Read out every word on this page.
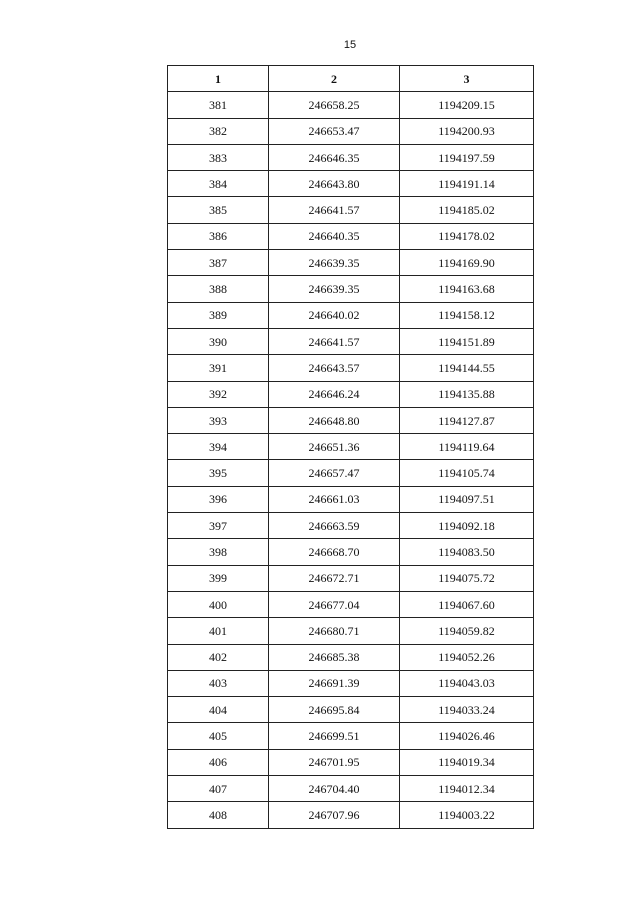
15
1	2	3
381	246658.25	1194209.15
382	246653.47	1194200.93
383	246646.35	1194197.59
384	246643.80	1194191.14
385	246641.57	1194185.02
386	246640.35	1194178.02
387	246639.35	1194169.90
388	246639.35	1194163.68
389	246640.02	1194158.12
390	246641.57	1194151.89
391	246643.57	1194144.55
392	246646.24	1194135.88
393	246648.80	1194127.87
394	246651.36	1194119.64
395	246657.47	1194105.74
396	246661.03	1194097.51
397	246663.59	1194092.18
398	246668.70	1194083.50
399	246672.71	1194075.72
400	246677.04	1194067.60
401	246680.71	1194059.82
402	246685.38	1194052.26
403	246691.39	1194043.03
404	246695.84	1194033.24
405	246699.51	1194026.46
406	246701.95	1194019.34
407	246704.40	1194012.34
408	246707.96	1194003.22
